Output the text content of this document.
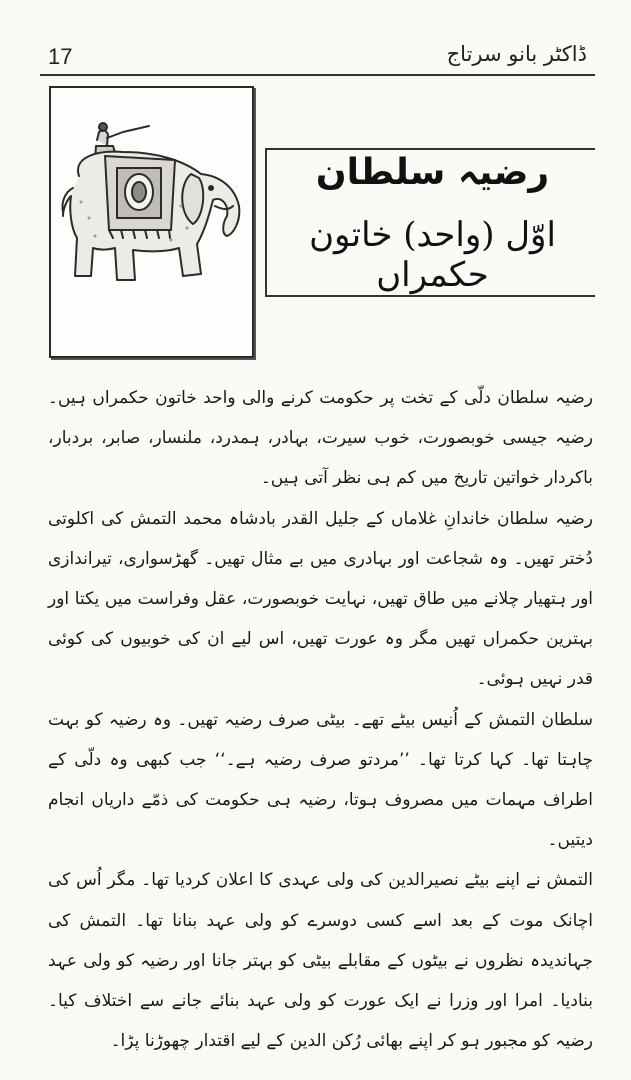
17	ڈاکٹر بانو سرتاج
رضیہ سلطان
اوّل (واحد) خاتون حکمراں

رضیہ سلطان دلّی کے تخت پر حکومت کرنے والی واحد خاتون حکمراں ہیں۔ رضیہ جیسی خوبصورت، خوب سیرت، بہادر، ہمدرد، ملنسار، صابر، بردبار، باکردار خواتین تاریخ میں کم ہی نظر آتی ہیں۔

رضیہ سلطان خاندانِ غلاماں کے جلیل القدر بادشاہ محمد التمش کی اکلوتی دُختر تھیں۔ وہ شجاعت اور بہادری میں بے مثال تھیں۔ گھڑسواری، تیراندازی اور ہتھیار چلانے میں طاق تھیں، نہایت خوبصورت، عقل وفراست میں یکتا اور بہترین حکمراں تھیں مگر وہ عورت تھیں، اس لیے ان کی خوبیوں کی کوئی قدر نہیں ہوئی۔

سلطان التمش کے اُنیس بیٹے تھے۔ بیٹی صرف رضیہ تھیں۔ وہ رضیہ کو بہت چاہتا تھا۔ کہا کرتا تھا۔ ’’مردتو صرف رضیہ ہے۔‘‘ جب کبھی وہ دلّی کے اطراف مہمات میں مصروف ہوتا، رضیہ ہی حکومت کی ذمّے داریاں انجام دیتیں۔

التمش نے اپنے بیٹے نصیرالدین کی ولی عہدی کا اعلان کردیا تھا۔ مگر اُس کی اچانک موت کے بعد اسے کسی دوسرے کو ولی عہد بنانا تھا۔ التمش کی جہاندیدہ نظروں نے بیٹوں کے مقابلے بیٹی کو بہتر جانا اور رضیہ کو ولی عہد بنادیا۔ امرا اور وزرا نے ایک عورت کو ولی عہد بنائے جانے سے اختلاف کیا۔ رضیہ کو مجبور ہو کر اپنے بھائی رُکن الدین کے لیے اقتدار چھوڑنا پڑا۔
